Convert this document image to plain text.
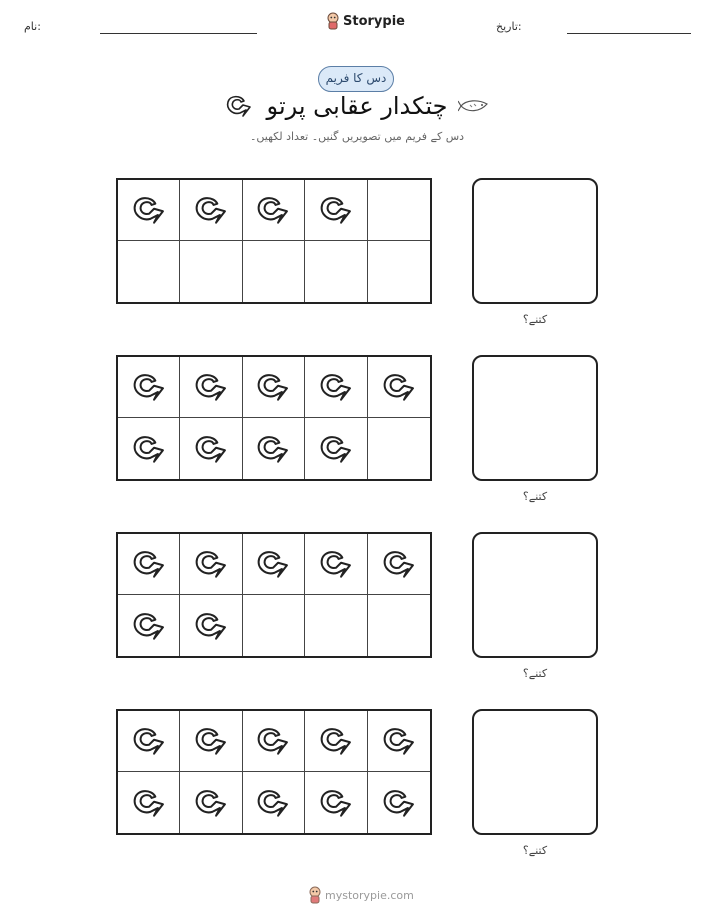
نام:	Storypie	تاریخ:
دس کا فریم
چتکدار عقابی پرتو
دس کے فریم میں تصویریں گنیں۔ تعداد لکھیں۔
کتنے؟
کتنے؟
کتنے؟
کتنے؟
mystorypie.com
